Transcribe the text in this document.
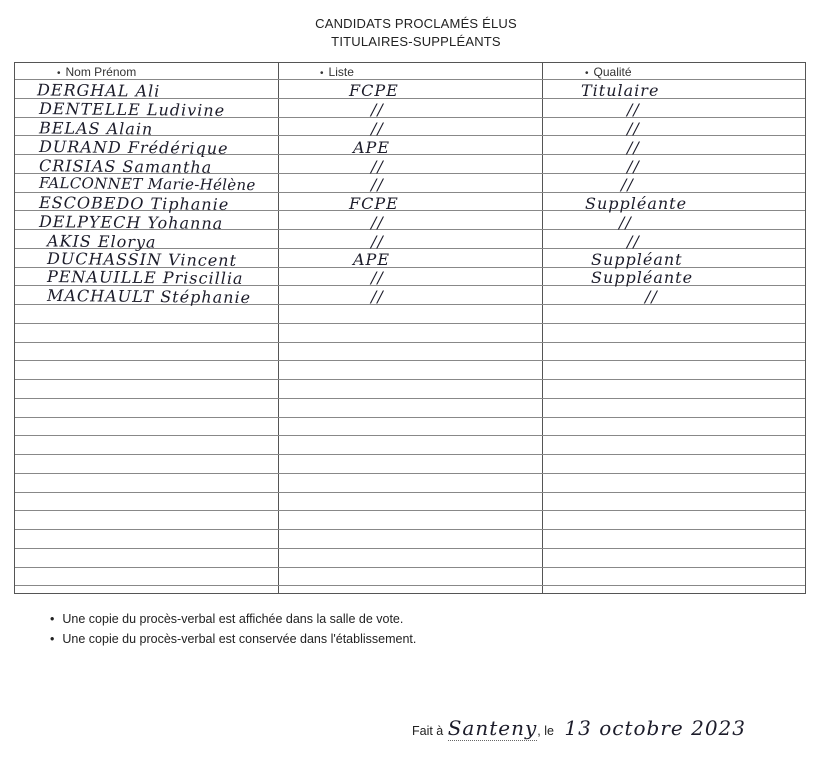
CANDIDATS PROCLAMÉS ÉLUS
TITULAIRES-SUPPLÉANTS
• Nom Prénom	• Liste	• Qualité
DERGHAL Ali	FCPE	Titulaire
DENTELLE Ludivine	//	//
BELAS Alain	//	//
DURAND Frédérique	APE	//
CRISIAS Samantha	//	//
FALCONNET Marie-Hélène	//	//
ESCOBEDO Tiphanie	FCPE	Suppléante
DELPYECH Yohanna	//	//
AKIS Elorya	//	//
DUCHASSIN Vincent	APE	Suppléant
PENAUILLE Priscillia	//	Suppléante
MACHAULT Stéphanie	//	//
• Une copie du procès-verbal est affichée dans la salle de vote.
• Une copie du procès-verbal est conservée dans l'établissement.
Fait à Santeny, le 13 octobre 2023
